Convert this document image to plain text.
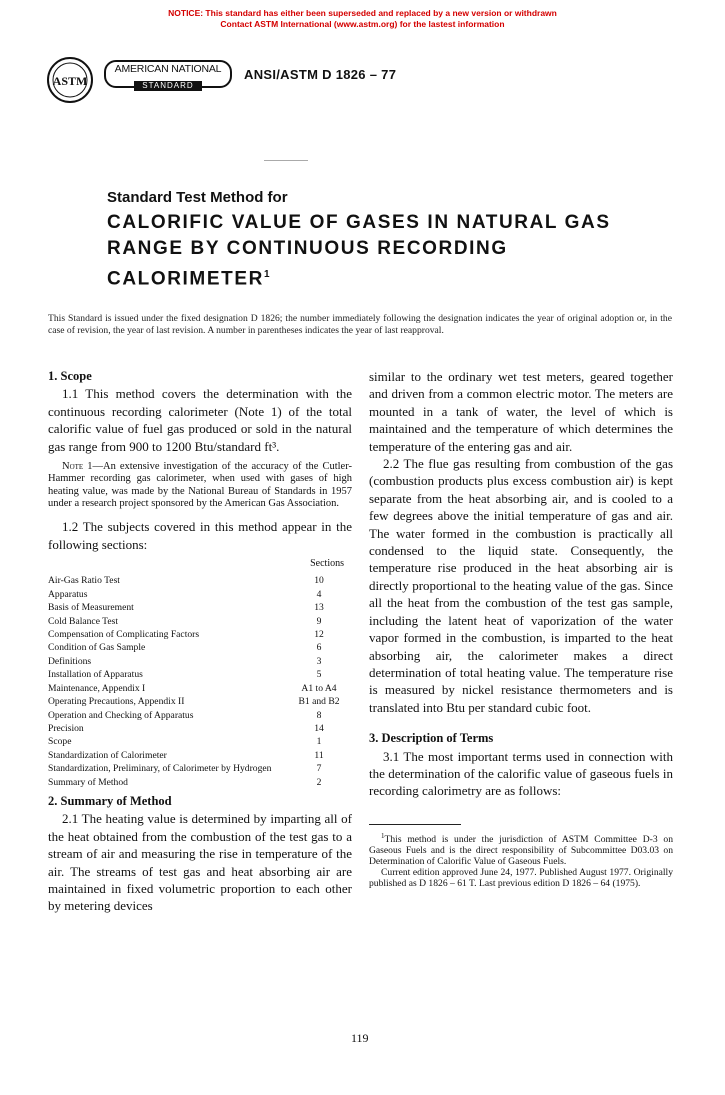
NOTICE: This standard has either been superseded and replaced by a new version or withdrawn
Contact ASTM International (www.astm.org) for the lastest information
ASTM
AMERICAN NATIONAL
STANDARD
ANSI/ASTM D 1826 – 77
Standard Test Method for
CALORIFIC VALUE OF GASES IN NATURAL GAS
RANGE BY CONTINUOUS RECORDING
CALORIMETER$^1$
This Standard is issued under the fixed designation D 1826; the number immediately following the designation indicates the year of original adoption or, in the case of revision, the year of last revision. A number in parentheses indicates the year of last reapproval.

1. Scope

1.1 This method covers the determination with the continuous recording calorimeter (Note 1) of the total calorific value of fuel gas produced or sold in the natural gas range from 900 to 1200 Btu/standard ft³.

Note 1—An extensive investigation of the accuracy of the Cutler-Hammer recording gas calorimeter, when used with gases of high heating value, was made by the National Bureau of Standards in 1957 under a research project sponsored by the American Gas Association.

1.2 The subjects covered in this method appear in the following sections:

Sections
Air-Gas Ratio Test	10
Apparatus	4
Basis of Measurement	13
Cold Balance Test	9
Compensation of Complicating Factors	12
Condition of Gas Sample	6
Definitions	3
Installation of Apparatus	5
Maintenance, Appendix I	A1 to A4
Operating Precautions, Appendix II	B1 and B2
Operation and Checking of Apparatus	8
Precision	14
Scope	1
Standardization of Calorimeter	11
Standardization, Preliminary, of Calorimeter by Hydrogen	7
Summary of Method	2

2. Summary of Method

2.1 The heating value is determined by imparting all of the heat obtained from the combustion of the test gas to a stream of air and measuring the rise in temperature of the air. The streams of test gas and heat absorbing air are maintained in fixed volumetric proportion to each other by metering devices

similar to the ordinary wet test meters, geared together and driven from a common electric motor. The meters are mounted in a tank of water, the level of which is maintained and the temperature of which determines the temperature of the entering gas and air.

2.2 The flue gas resulting from combustion of the gas (combustion products plus excess combustion air) is kept separate from the heat absorbing air, and is cooled to a few degrees above the initial temperature of gas and air. The water formed in the combustion is practically all condensed to the liquid state. Consequently, the temperature rise produced in the heat absorbing air is directly proportional to the heating value of the gas. Since all the heat from the combustion of the test gas sample, including the latent heat of vaporization of the water vapor formed in the combustion, is imparted to the heat absorbing air, the calorimeter makes a direct determination of total heating value. The temperature rise is measured by nickel resistance thermometers and is translated into Btu per standard cubic foot.

3. Description of Terms

3.1 The most important terms used in connection with the determination of the calorific value of gaseous fuels in recording calorimetry are as follows:

$^1$This method is under the jurisdiction of ASTM Committee D-3 on Gaseous Fuels and is the direct responsibility of Subcommittee D03.03 on Determination of Calorific Value of Gaseous Fuels.

Current edition approved June 24, 1977. Published August 1977. Originally published as D 1826 – 61 T. Last previous edition D 1826 – 64 (1975).

119
